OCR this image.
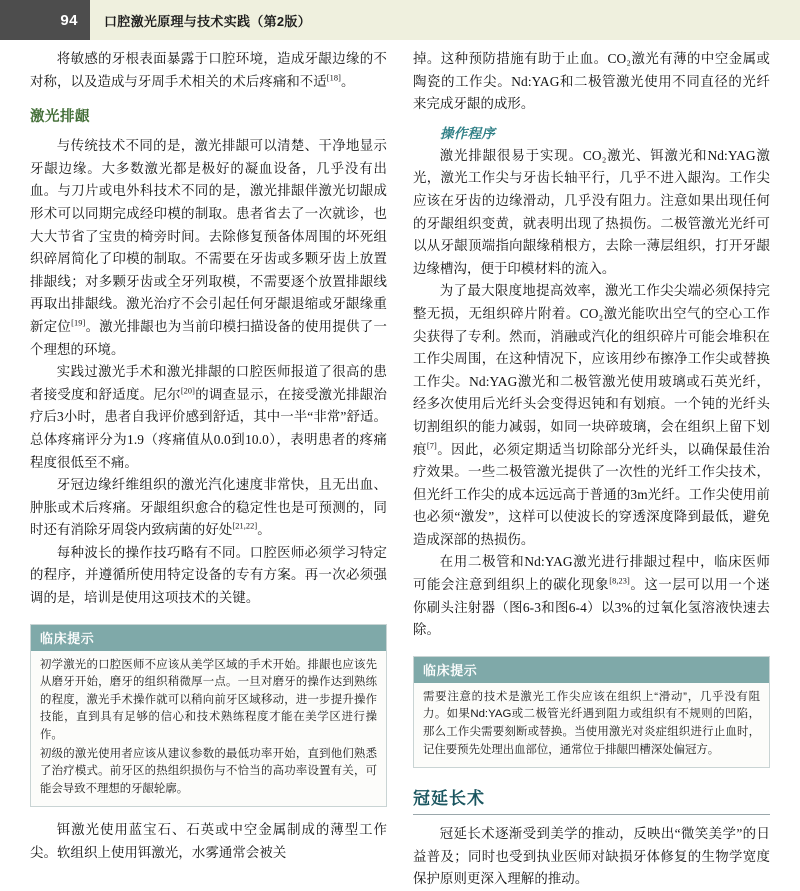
94 口腔激光原理与技术实践（第2版）

将敏感的牙根表面暴露于口腔环境，造成牙龈边缘的不对称，以及造成与牙周手术相关的术后疼痛和不适[18]。

激光排龈

与传统技术不同的是，激光排龈可以清楚、干净地显示牙龈边缘。大多数激光都是极好的凝血设备，几乎没有出血。与刀片或电外科技术不同的是，激光排龈伴激光切龈成形术可以同期完成经印模的制取。患者省去了一次就诊，也大大节省了宝贵的椅旁时间。去除修复预备体周围的坏死组织碎屑简化了印模的制取。不需要在牙齿或多颗牙齿上放置排龈线；对多颗牙齿或全牙列取模，不需要逐个放置排龈线再取出排龈线。激光治疗不会引起任何牙龈退缩或牙龈缘重新定位[19]。激光排龈也为当前印模扫描设备的使用提供了一个理想的环境。

实践过激光手术和激光排龈的口腔医师报道了很高的患者接受度和舒适度。尼尔[20]的调查显示，在接受激光排龈治疗后3小时，患者自我评价感到舒适，其中一半“非常”舒适。总体疼痛评分为1.9（疼痛值从0.0到10.0），表明患者的疼痛程度很低至不痛。

牙冠边缘纤维组织的激光汽化速度非常快，且无出血、肿胀或术后疼痛。牙龈组织愈合的稳定性也是可预测的，同时还有消除牙周袋内致病菌的好处[21,22]。

每种波长的操作技巧略有不同。口腔医师必须学习特定的程序，并遵循所使用特定设备的专有方案。再一次必须强调的是，培训是使用这项技术的关键。

临床提示

初学激光的口腔医师不应该从美学区域的手术开始。排龈也应该先从磨牙开始，磨牙的组织稍微厚一点。一旦对磨牙的操作达到熟练的程度，激光手术操作就可以稍向前牙区域移动，进一步提升操作技能，直到具有足够的信心和技术熟练程度才能在美学区进行操作。

初级的激光使用者应该从建议参数的最低功率开始，直到他们熟悉了治疗模式。前牙区的热组织损伤与不恰当的高功率设置有关，可能会导致不理想的牙龈轮廓。

铒激光使用蓝宝石、石英或中空金属制成的薄型工作尖。软组织上使用铒激光，水雾通常会被关

掉。这种预防措施有助于止血。CO₂激光有薄的中空金属或陶瓷的工作尖。Nd:YAG和二极管激光使用不同直径的光纤来完成牙龈的成形。

操作程序

激光排龈很易于实现。CO₂激光、铒激光和Nd:YAG激光，激光工作尖与牙齿长轴平行，几乎不进入龈沟。工作尖应该在牙齿的边缘滑动，几乎没有阻力。注意如果出现任何的牙龈组织变黄，就表明出现了热损伤。二极管激光光纤可以从牙龈顶端指向龈缘稍根方，去除一薄层组织，打开牙龈边缘槽沟，便于印模材料的流入。

为了最大限度地提高效率，激光工作尖尖端必须保持完整无损，无组织碎片附着。CO₂激光能吹出空气的空心工作尖获得了专利。然而，消融或汽化的组织碎片可能会堆积在工作尖周围，在这种情况下，应该用纱布擦净工作尖或替换工作尖。Nd:YAG激光和二极管激光使用玻璃或石英光纤，经多次使用后光纤头会变得迟钝和有划痕。一个钝的光纤头切割组织的能力减弱，如同一块碎玻璃，会在组织上留下划痕[7]。因此，必须定期适当切除部分光纤头，以确保最佳治疗效果。一些二极管激光提供了一次性的光纤工作尖技术，但光纤工作尖的成本远远高于普通的3m光纤。工作尖使用前也必须“激发”，这样可以使波长的穿透深度降到最低，避免造成深部的热损伤。

在用二极管和Nd:YAG激光进行排龈过程中，临床医师可能会注意到组织上的碳化现象[8,23]。这一层可以用一个迷你刷头注射器（图6-3和图6-4）以3%的过氧化氢溶液快速去除。

临床提示

需要注意的技术是激光工作尖应该在组织上“滑动”，几乎没有阻力。如果Nd:YAG或二极管光纤遇到阻力或组织有不规则的凹陷，那么工作尖需要刻断或替换。当使用激光对炎症组织进行止血时，记住要预先处理出血部位，通常位于排龈凹槽深处偏冠方。

冠延长术

冠延长术逐渐受到美学的推动，反映出“微笑美学”的日益普及；同时也受到执业医师对缺损牙体修复的生物学宽度保护原则更深入理解的推动。
